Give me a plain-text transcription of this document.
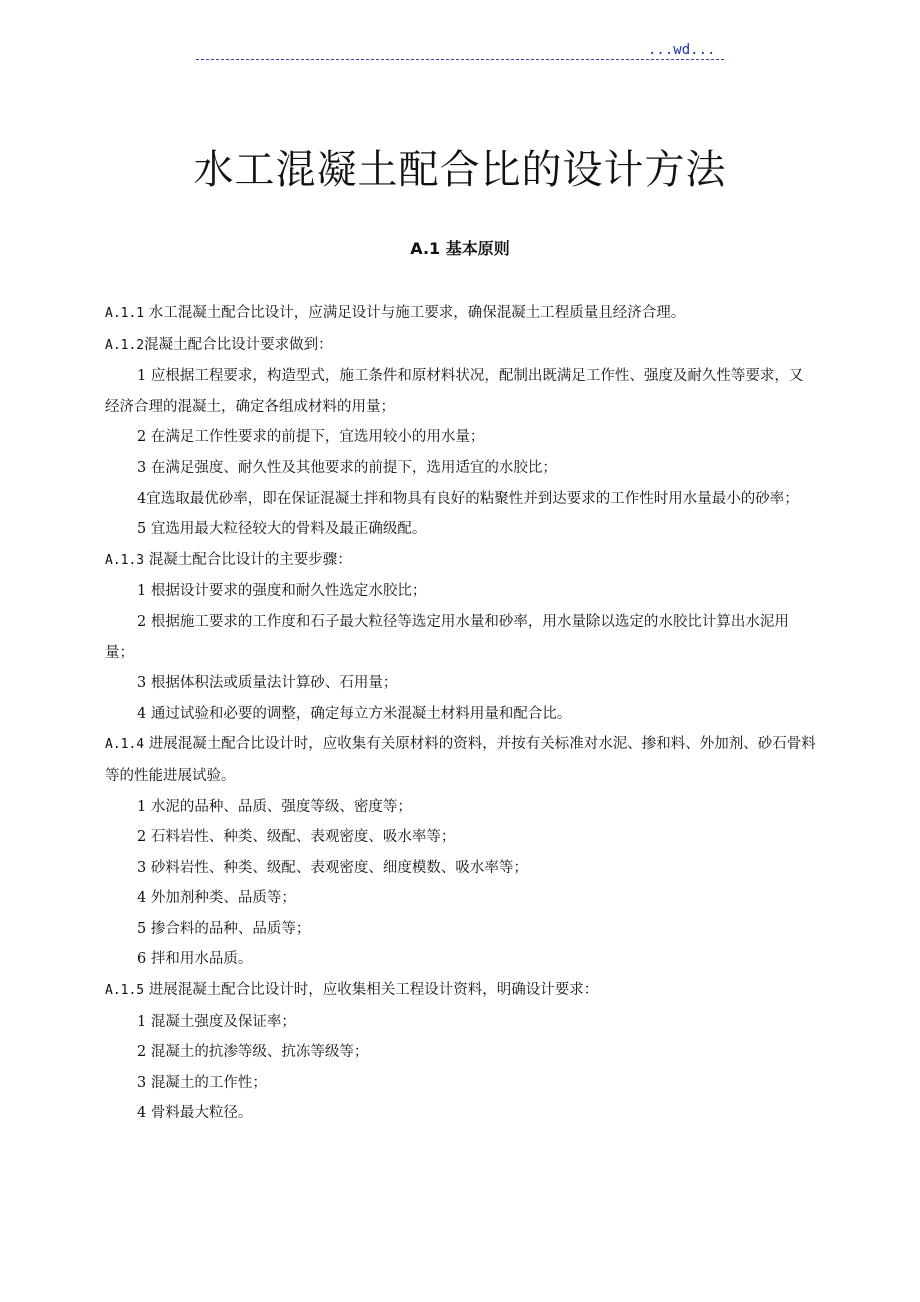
...wd...
水工混凝土配合比的设计方法
A.1 基本原则

A.1.1 水工混凝土配合比设计，应满足设计与施工要求，确保混凝土工程质量且经济合理。

A.1.2混凝土配合比设计要求做到：

1 应根据工程要求，构造型式，施工条件和原材料状况，配制出既满足工作性、强度及耐久性等要求，又经济合理的混凝土，确定各组成材料的用量；

2 在满足工作性要求的前提下，宜选用较小的用水量；

3 在满足强度、耐久性及其他要求的前提下，选用适宜的水胶比；

4宜选取最优砂率，即在保证混凝土拌和物具有良好的粘聚性并到达要求的工作性时用水量最小的砂率；

5 宜选用最大粒径较大的骨料及最正确级配。

A.1.3 混凝土配合比设计的主要步骤：

1 根据设计要求的强度和耐久性选定水胶比；

2 根据施工要求的工作度和石子最大粒径等选定用水量和砂率，用水量除以选定的水胶比计算出水泥用量；

3 根据体积法或质量法计算砂、石用量；

4 通过试验和必要的调整，确定每立方米混凝土材料用量和配合比。

A.1.4 进展混凝土配合比设计时，应收集有关原材料的资料，并按有关标准对水泥、掺和料、外加剂、砂石骨料等的性能进展试验。

1 水泥的品种、品质、强度等级、密度等；

2 石料岩性、种类、级配、表观密度、吸水率等；

3 砂料岩性、种类、级配、表观密度、细度模数、吸水率等；

4 外加剂种类、品质等；

5 掺合料的品种、品质等；

6 拌和用水品质。

A.1.5 进展混凝土配合比设计时，应收集相关工程设计资料，明确设计要求：

1 混凝土强度及保证率；

2 混凝土的抗渗等级、抗冻等级等；

3 混凝土的工作性；

4 骨料最大粒径。
